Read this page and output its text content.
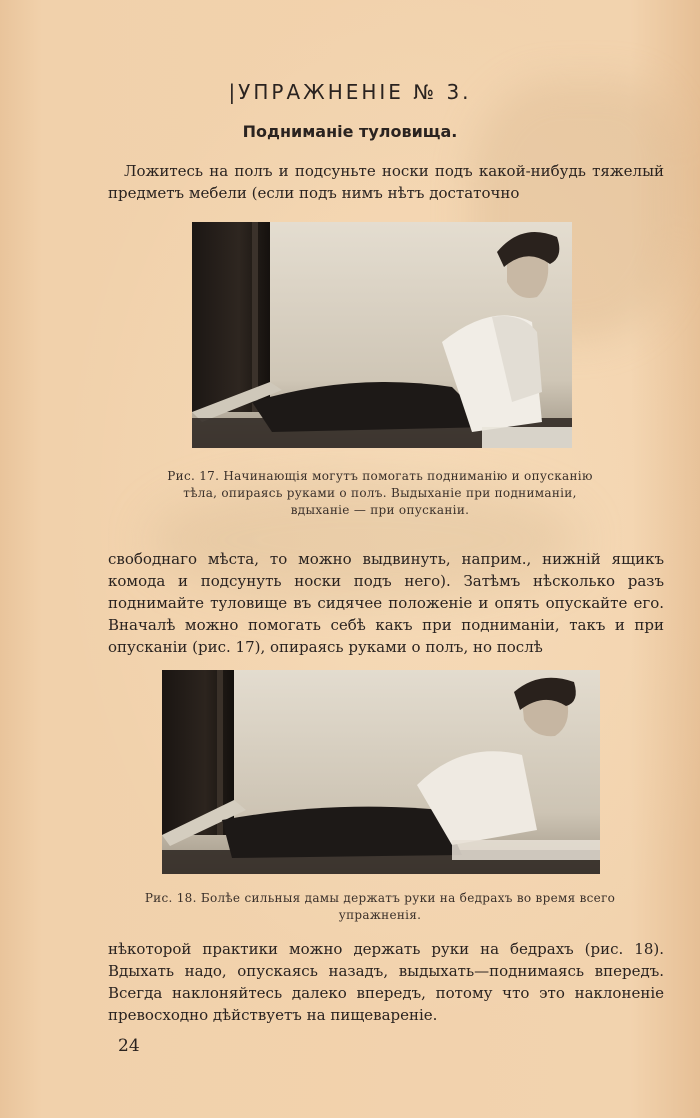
|УПРАЖНЕНIЕ № 3.
Подниманiе туловища.

Ложитесь на полъ и подсуньте носки подъ какой-нибудь тяжелый предметъ мебели (если подъ нимъ нѣтъ достаточно

Рис. 17. Начинающiя могутъ помогать поднимaнiю и опусканiю тѣла, опираясь руками о полъ. Выдыханiе при поднимaнiи, вдыханiе — при опусканiи.

свободнаго мѣста, то можно выдвинуть, наприм., нижнiй ящикъ комода и подсунуть носки подъ него). Затѣмъ нѣсколько разъ поднимайте туловище въ сидячее положенiе и опять опускайте его. Вначалѣ можно помогать себѣ какъ при поднимaнiи, такъ и при опусканiи (рис. 17), опираясь руками о полъ, но послѣ

Рис. 18. Болѣе сильныя дамы держатъ руки на бедрахъ во время всего упражненiя.

нѣкоторой практики можно держать руки на бедрахъ (рис. 18). Вдыхать надо, опускаясь назадъ, выдыхать—поднимаясь впередъ. Всегда наклоняйтесь далеко впередъ, потому что это наклоненiе превосходно дѣйствуетъ на пищеваренiе.

24
